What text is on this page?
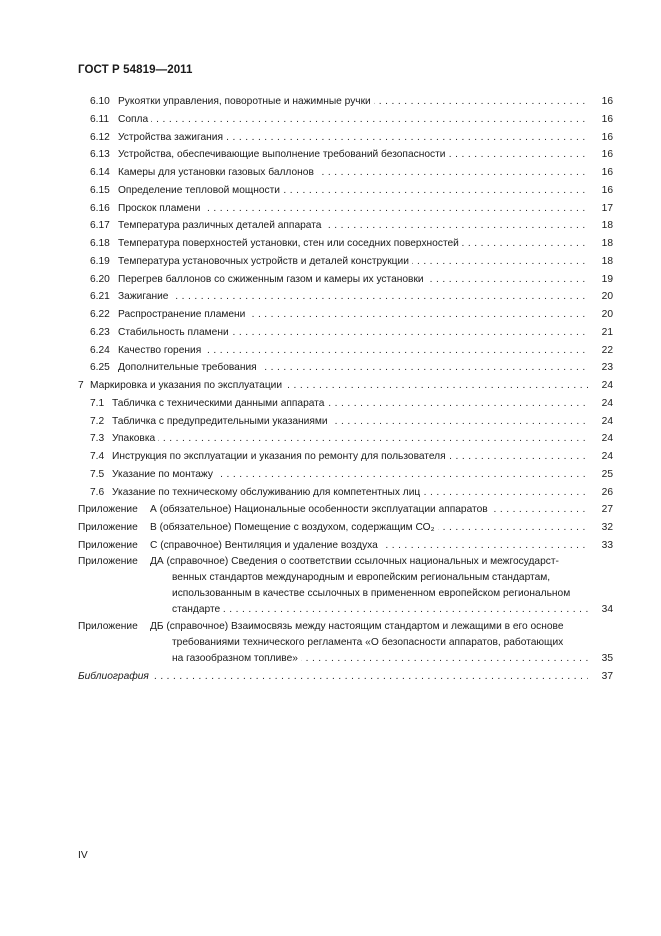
ГОСТ Р 54819—2011
6.10 Рукоятки управления, поворотные и нажимные ручки . . .	16
6.11 Сопла . . .	16
6.12 Устройства зажигания . . .	16
6.13 Устройства, обеспечивающие выполнение требований безопасности . . .	16
6.14 Камеры для установки газовых баллонов . . .	16
6.15 Определение тепловой мощности . . .	16
6.16 Проскок пламени . . .	17
6.17 Температура различных деталей аппарата . . .	18
6.18 Температура поверхностей установки, стен или соседних поверхностей . . .	18
6.19 Температура установочных устройств и деталей конструкции . . .	18
6.20 Перегрев баллонов со сжиженным газом и камеры их установки . . .	19
6.21 Зажигание . . .	20
6.22 Распространение пламени . . .	20
6.23 Стабильность пламени . . .	21
6.24 Качество горения . . .	22
6.25 Дополнительные требования . . .	23
7 Маркировка и указания по эксплуатации . . .	24
7.1 Табличка с техническими данными аппарата . . .	24
7.2 Табличка с предупредительными указаниями . . .	24
7.3 Упаковка . . .	24
7.4 Инструкция по эксплуатации и указания по ремонту для пользователя . . .	24
7.5 Указание по монтажу . . .	25
7.6 Указание по техническому обслуживанию для компетентных лиц . . .	26
Приложение А (обязательное) Национальные особенности эксплуатации аппаратов . . .	27
Приложение В (обязательное) Помещение с воздухом, содержащим СО₂ . . .	32
Приложение С (справочное) Вентиляция и удаление воздуха . . .	33
Приложение ДА (справочное) Сведения о соответствии ссылочных национальных и межгосударст-
венных стандартов международным и европейским региональным стандартам,
использованным в качестве ссылочных в примененном европейском региональном
стандарте . . .	34
Приложение ДБ (справочное) Взаимосвязь между настоящим стандартом и лежащими в его основе
требованиями технического регламента «О безопасности аппаратов, работающих
на газообразном топливе» . . .	35
Библиография . . .	37
IV
